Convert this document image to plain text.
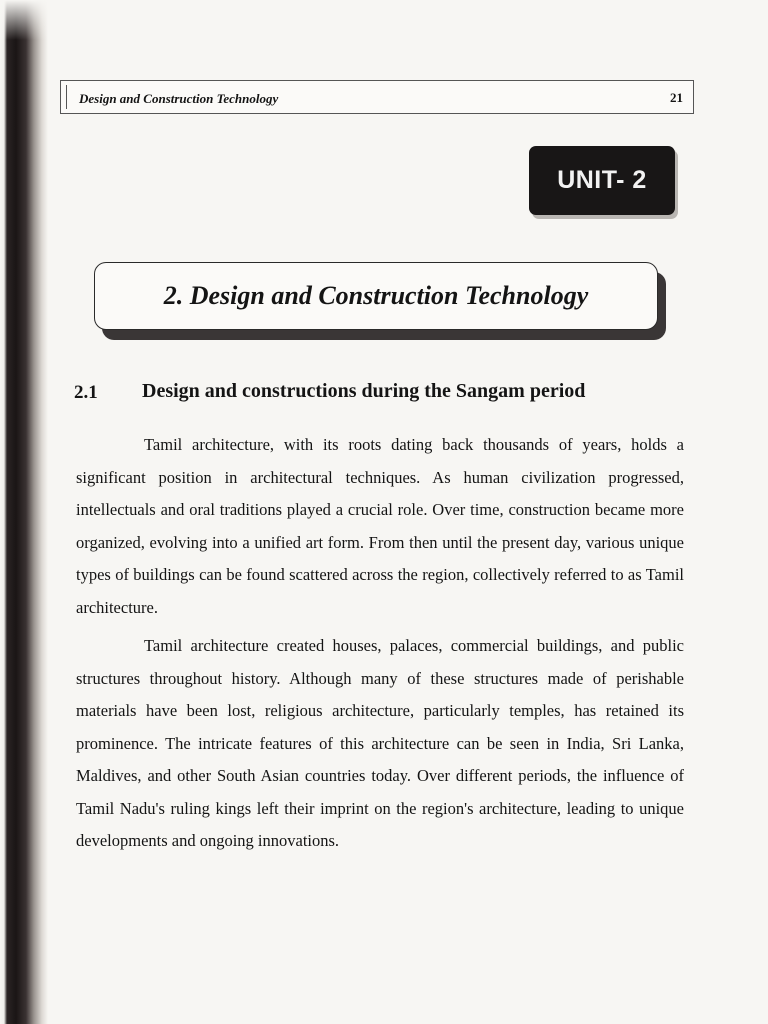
Design and Construction Technology	21
UNIT- 2
2. Design and Construction Technology
2.1 Design and constructions during the Sangam period

Tamil architecture, with its roots dating back thousands of years, holds a significant position in architectural techniques. As human civilization progressed, intellectuals and oral traditions played a crucial role. Over time, construction became more organized, evolving into a unified art form. From then until the present day, various unique types of buildings can be found scattered across the region, collectively referred to as Tamil architecture.

Tamil architecture created houses, palaces, commercial buildings, and public structures throughout history. Although many of these structures made of perishable materials have been lost, religious architecture, particularly temples, has retained its prominence. The intricate features of this architecture can be seen in India, Sri Lanka, Maldives, and other South Asian countries today. Over different periods, the influence of Tamil Nadu's ruling kings left their imprint on the region's architecture, leading to unique developments and ongoing innovations.
